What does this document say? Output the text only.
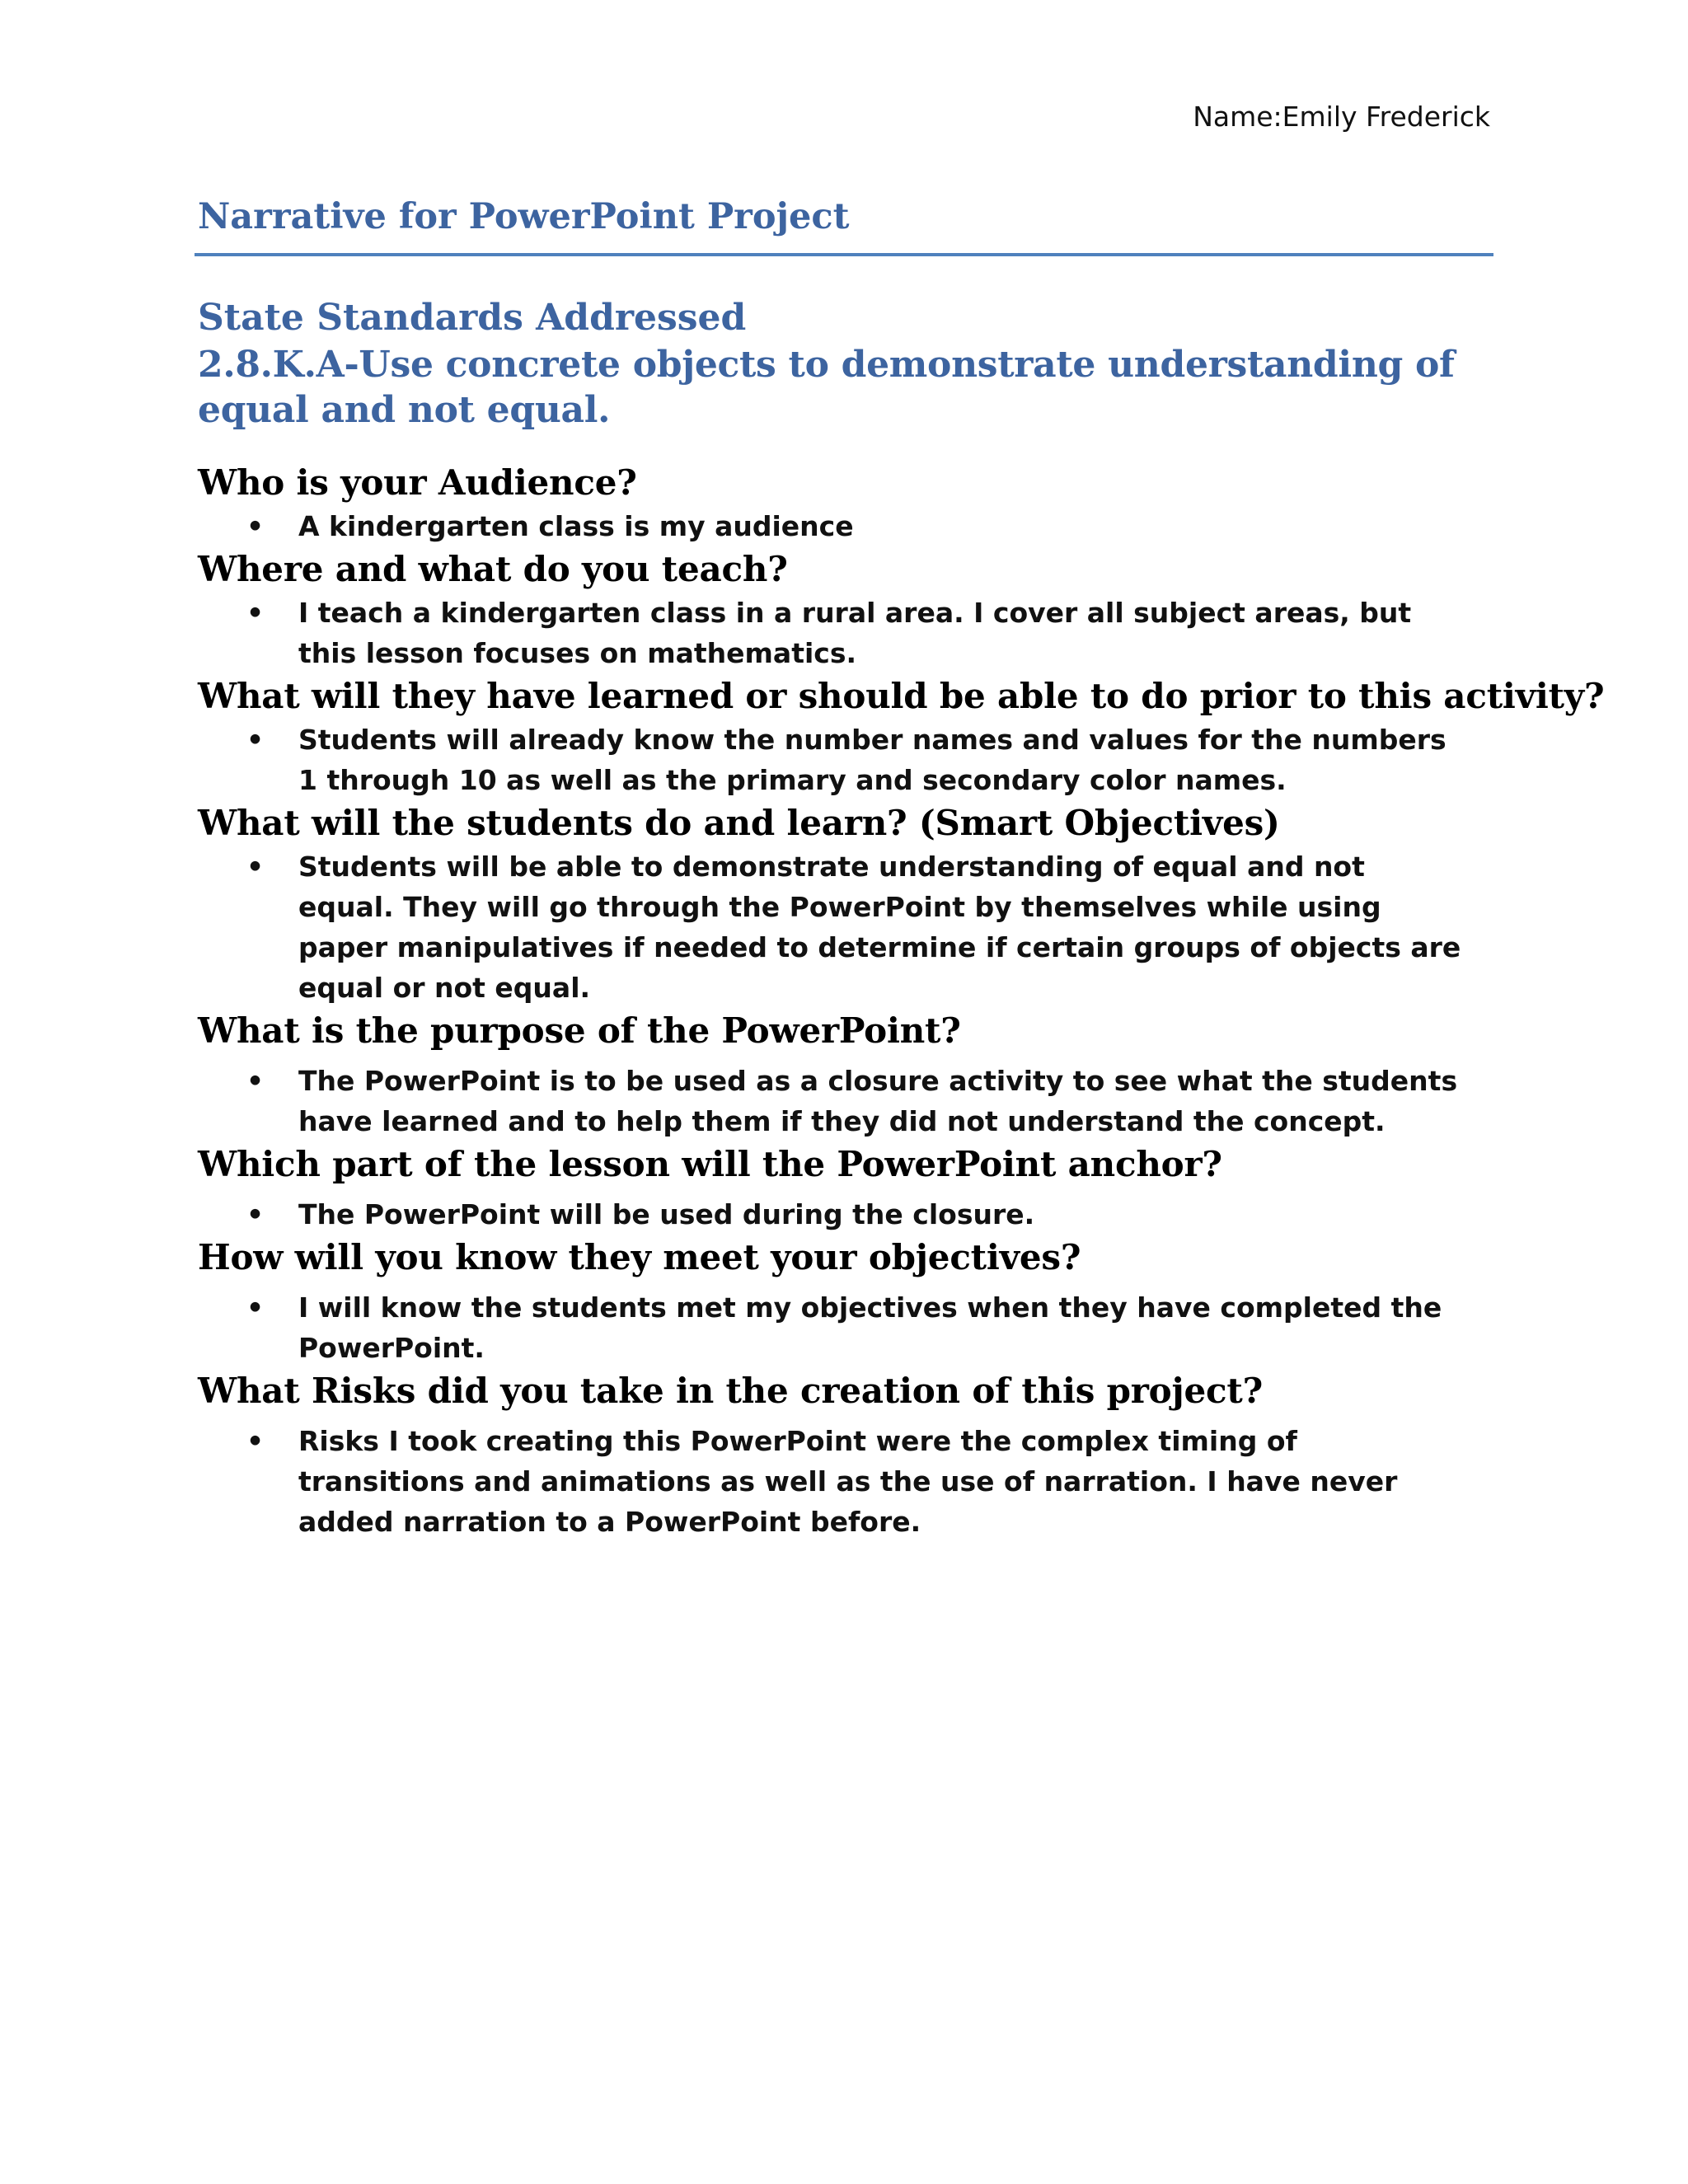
Name:Emily Frederick
Narrative for PowerPoint Project
State Standards Addressed
2.8.K.A-Use concrete objects to demonstrate understanding of equal and not equal.
Who is your Audience?
• A kindergarten class is my audience
Where and what do you teach?
• I teach a kindergarten class in a rural area. I cover all subject areas, but this lesson focuses on mathematics.
What will they have learned or should be able to do prior to this activity?
• Students will already know the number names and values for the numbers 1 through 10 as well as the primary and secondary color names.
What will the students do and learn? (Smart Objectives)
• Students will be able to demonstrate understanding of equal and not equal. They will go through the PowerPoint by themselves while using paper manipulatives if needed to determine if certain groups of objects are equal or not equal.
What is the purpose of the PowerPoint?
• The PowerPoint is to be used as a closure activity to see what the students have learned and to help them if they did not understand the concept.
Which part of the lesson will the PowerPoint anchor?
• The PowerPoint will be used during the closure.
How will you know they meet your objectives?
• I will know the students met my objectives when they have completed the PowerPoint.
What Risks did you take in the creation of this project?
• Risks I took creating this PowerPoint were the complex timing of transitions and animations as well as the use of narration. I have never added narration to a PowerPoint before.
